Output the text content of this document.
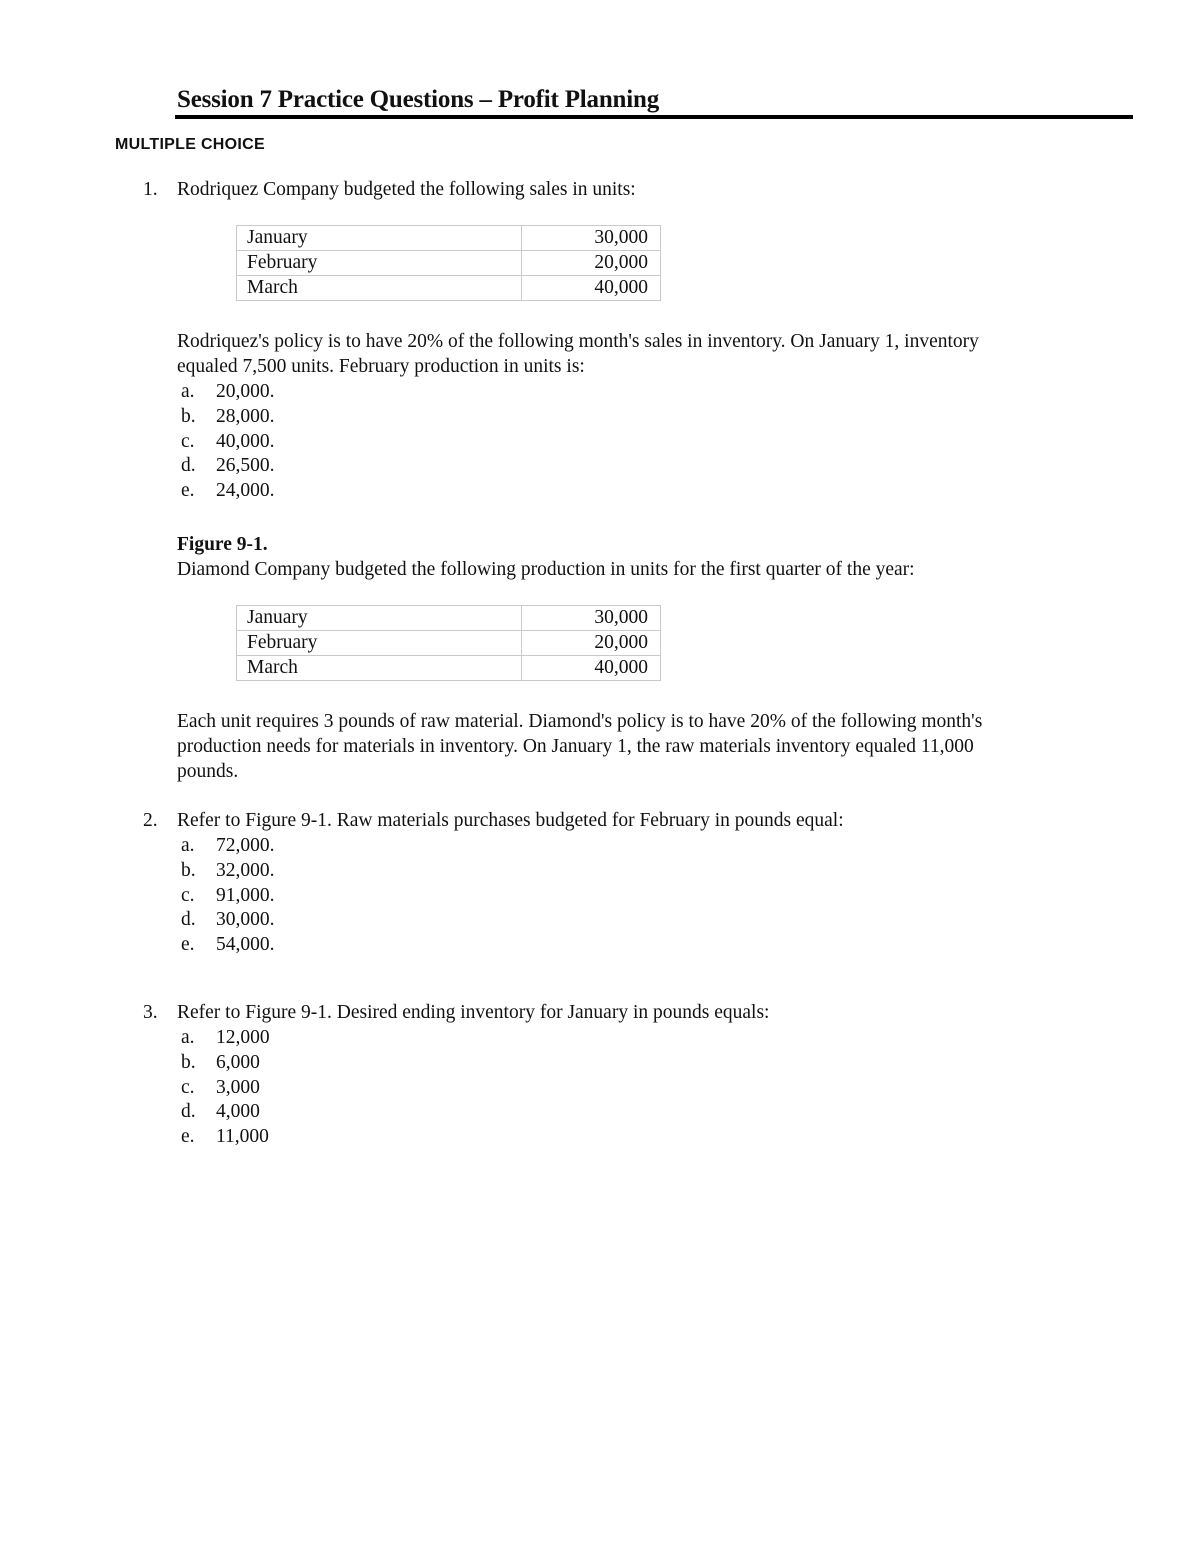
Session 7 Practice Questions – Profit Planning
MULTIPLE CHOICE
1. Rodriquez Company budgeted the following sales in units:
January	30,000
February	20,000
March	40,000
Rodriquez's policy is to have 20% of the following month's sales in inventory. On January 1, inventory
equaled 7,500 units. February production in units is:
a. 20,000.
b. 28,000.
c. 40,000.
d. 26,500.
e. 24,000.
Figure 9-1.
Diamond Company budgeted the following production in units for the first quarter of the year:
January	30,000
February	20,000
March	40,000
Each unit requires 3 pounds of raw material. Diamond's policy is to have 20% of the following month's
production needs for materials in inventory. On January 1, the raw materials inventory equaled 11,000
pounds.
2. Refer to Figure 9-1. Raw materials purchases budgeted for February in pounds equal:
a. 72,000.
b. 32,000.
c. 91,000.
d. 30,000.
e. 54,000.
3. Refer to Figure 9-1. Desired ending inventory for January in pounds equals:
a. 12,000
b. 6,000
c. 3,000
d. 4,000
e. 11,000
